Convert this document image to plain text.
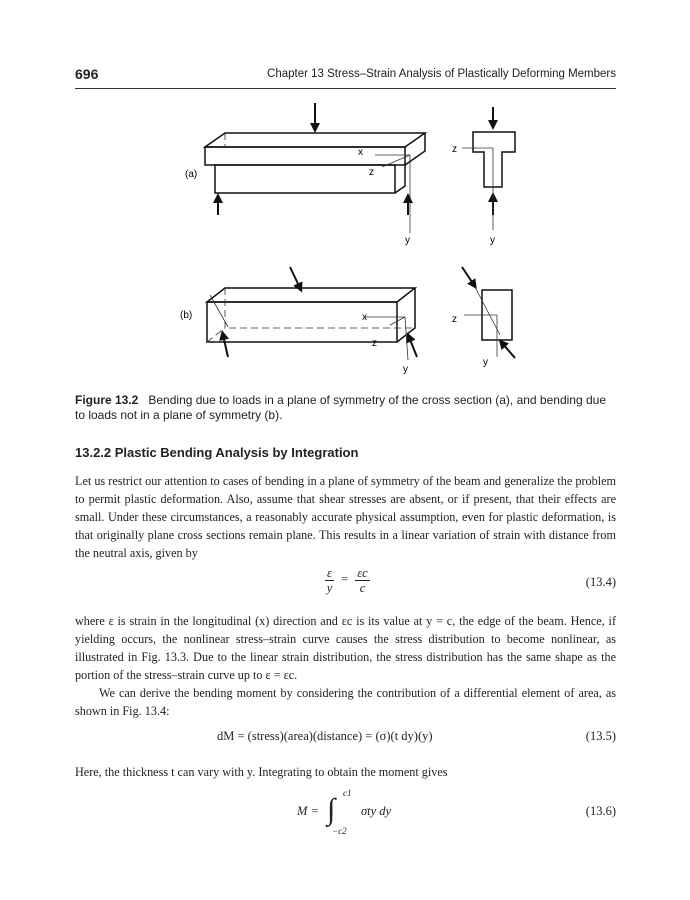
696	Chapter 13 Stress–Strain Analysis of Plastically Deforming Members
(a)
x
z
y
z
y
(b)	x
z
y
z
y
Figure 13.2 Bending due to loads in a plane of symmetry of the cross section (a), and bending due to loads not in a plane of symmetry (b).
13.2.2 Plastic Bending Analysis by Integration
Let us restrict our attention to cases of bending in a plane of symmetry of the beam and generalize the problem to permit plastic deformation. Also, assume that shear stresses are absent, or if present, that their effects are small. Under these circumstances, a reasonably accurate physical assumption, even for plastic deformation, is that originally plane cross sections remain plane. This results in a linear variation of strain with distance from the neutral axis, given by
$\frac{\varepsilon}{y} = \frac{\varepsilon c}{c}$	(13.4)
where ε is strain in the longitudinal (x) direction and εc is its value at y = c, the edge of the beam. Hence, if yielding occurs, the nonlinear stress–strain curve causes the stress distribution to become nonlinear, as illustrated in Fig. 13.3. Due to the linear strain distribution, the stress distribution has the same shape as the portion of the stress–strain curve up to ε = εc.
We can derive the bending moment by considering the contribution of a differential element of area, as shown in Fig. 13.4:
dM = (stress)(area)(distance) = (σ)(t dy)(y)	(13.5)
Here, the thickness t can vary with y. Integrating to obtain the moment gives
M = ∫ c1
−c2
σty dy	(13.6)
